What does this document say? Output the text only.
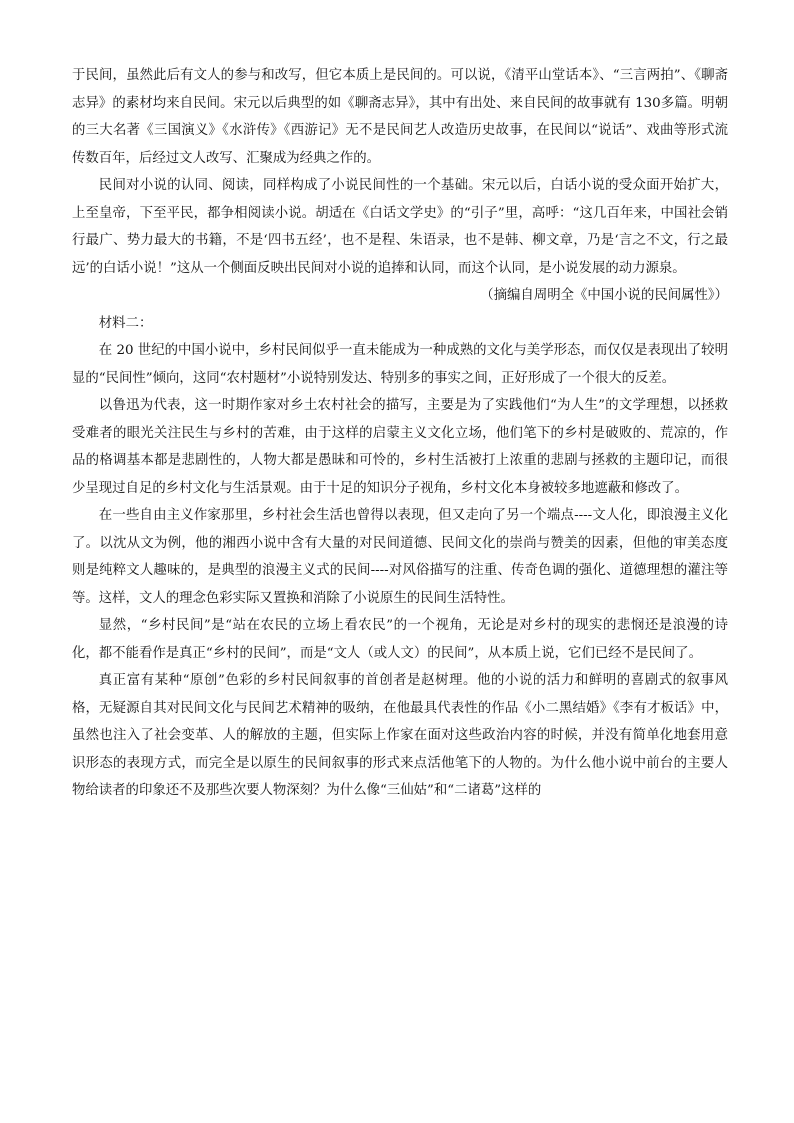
于民间，虽然此后有文人的参与和改写，但它本质上是民间的。可以说，《清平山堂话本》、“三言两拍”、《聊斋志异》的素材均来自民间。宋元以后典型的如《聊斋志异》，其中有出处、来自民间的故事就有 130多篇。明朝的三大名著《三国演义》《水浒传》《西游记》无不是民间艺人改造历史故事，在民间以“说话”、戏曲等形式流传数百年，后经过文人改写、汇聚成为经典之作的。

民间对小说的认同、阅读，同样构成了小说民间性的一个基础。宋元以后，白话小说的受众面开始扩大，上至皇帝，下至平民，都争相阅读小说。胡适在《白话文学史》的“引子”里，高呼：“这几百年来，中国社会销行最广、势力最大的书籍，不是‘四书五经’，也不是程、朱语录，也不是韩、柳文章，乃是‘言之不文，行之最远’的白话小说！”这从一个侧面反映出民间对小说的追捧和认同，而这个认同，是小说发展的动力源泉。

（摘编自周明全《中国小说的民间属性》）

材料二：

在 20 世纪的中国小说中，乡村民间似乎一直未能成为一种成熟的文化与美学形态，而仅仅是表现出了较明显的“民间性”倾向，这同“农村题材”小说特别发达、特别多的事实之间，正好形成了一个很大的反差。

以鲁迅为代表，这一时期作家对乡土农村社会的描写，主要是为了实践他们“为人生”的文学理想，以拯救受难者的眼光关注民生与乡村的苦难，由于这样的启蒙主义文化立场，他们笔下的乡村是破败的、荒凉的，作品的格调基本都是悲剧性的，人物大都是愚昧和可怜的，乡村生活被打上浓重的悲剧与拯救的主题印记，而很少呈现过自足的乡村文化与生活景观。由于十足的知识分子视角，乡村文化本身被较多地遮蔽和修改了。

在一些自由主义作家那里，乡村社会生活也曾得以表现，但又走向了另一个端点----文人化，即浪漫主义化了。以沈从文为例，他的湘西小说中含有大量的对民间道德、民间文化的崇尚与赞美的因素，但他的审美态度则是纯粹文人趣味的，是典型的浪漫主义式的民间----对风俗描写的注重、传奇色调的强化、道德理想的灌注等等。这样，文人的理念色彩实际又置换和消除了小说原生的民间生活特性。

显然，“乡村民间”是“站在农民的立场上看农民”的一个视角，无论是对乡村的现实的悲悯还是浪漫的诗化，都不能看作是真正“乡村的民间”，而是“文人（或人文）的民间”，从本质上说，它们已经不是民间了。

真正富有某种“原创”色彩的乡村民间叙事的首创者是赵树理。他的小说的活力和鲜明的喜剧式的叙事风格，无疑源自其对民间文化与民间艺术精神的吸纳，在他最具代表性的作品《小二黑结婚》《李有才板话》中，虽然也注入了社会变革、人的解放的主题，但实际上作家在面对这些政治内容的时候，并没有简单化地套用意识形态的表现方式，而完全是以原生的民间叙事的形式来点活他笔下的人物的。为什么他小说中前台的主要人物给读者的印象还不及那些次要人物深刻？为什么像“三仙姑”和“二诸葛”这样的
